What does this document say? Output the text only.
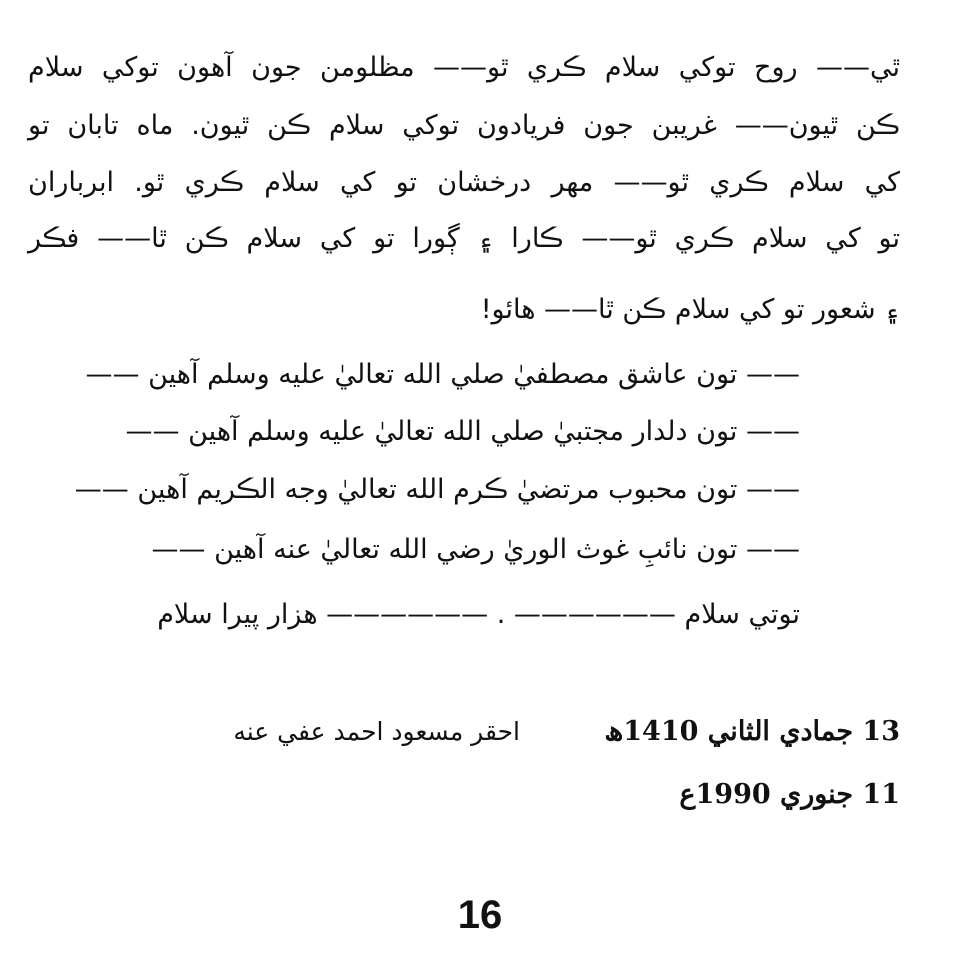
ٿي—— روح توکي سلام ڪري ٿو—— مظلومن جون آھون توکي سلام
ڪن ٿيون—— غريبن جون فريادون توکي سلام ڪن ٿيون. ماه تابان تو
کي سلام ڪري ٿو—— مھر درخشان تو کي سلام ڪري ٿو. ابرباران
تو کي سلام ڪري ٿو—— ڪارا ۽ ڳورا تو کي سلام ڪن ٿا—— فڪر
۽ شعور تو کي سلام ڪن ٿا—— ھائو!
—— تون عاشق مصطفيٰ صلي الله تعاليٰ عليه وسلم آھين ——
—— تون دلدار مجتبيٰ صلي الله تعاليٰ عليه وسلم آھين ——
—— تون محبوب مرتضيٰ ڪرم الله تعاليٰ وجه الڪريم آھين ——
—— تون نائبِ غوث الوريٰ رضي الله تعاليٰ عنه آھين ——
توتي سلام —————— . —————— ھزار پيرا سلام
13 جمادي الثاني 1410ھ
احقر مسعود احمد عفي عنه
11 جنوري 1990ع
16
